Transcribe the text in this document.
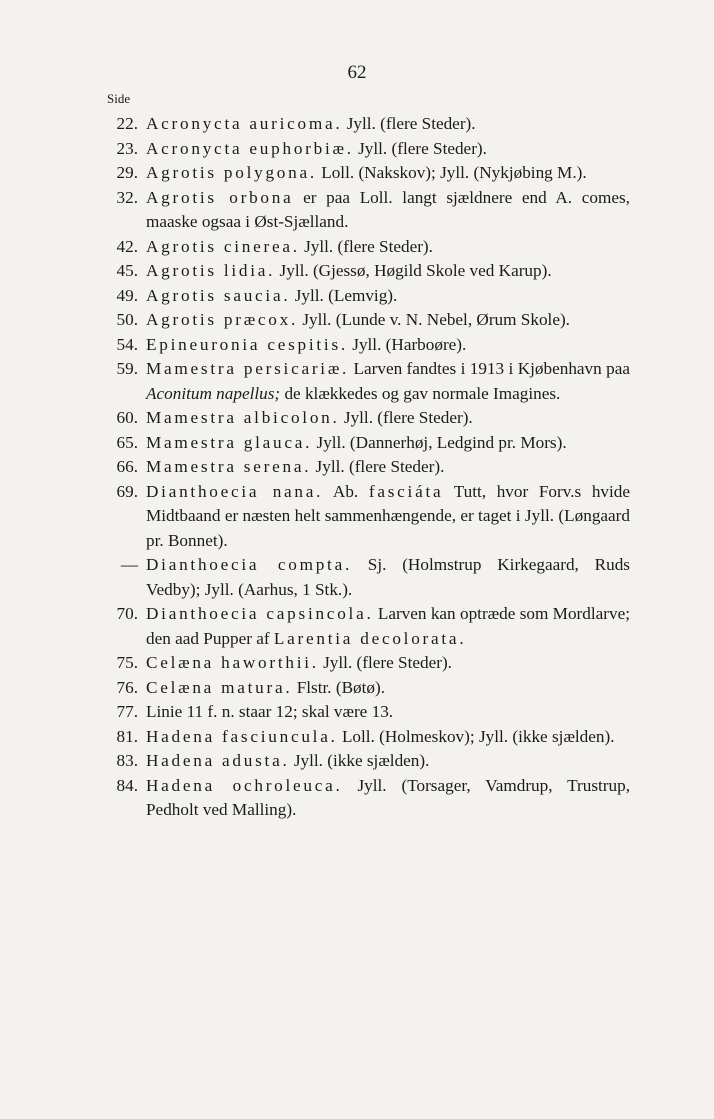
62
Side
22. Acronycta auricoma. Jyll. (flere Steder).
23. Acronycta euphorbiæ. Jyll. (flere Steder).
29. Agrotis polygona. Loll. (Nakskov); Jyll. (Nykjøbing M.).
32. Agrotis orbona er paa Loll. langt sjældnere end A. comes, maaske ogsaa i Øst-Sjælland.
42. Agrotis cinerea. Jyll. (flere Steder).
45. Agrotis lidia. Jyll. (Gjessø, Høgild Skole ved Karup).
49. Agrotis saucia. Jyll. (Lemvig).
50. Agrotis præcox. Jyll. (Lunde v. N. Nebel, Ørum Skole).
54. Epineuronia cespitis. Jyll. (Harboøre).
59. Mamestra persicariæ. Larven fandtes i 1913 i Kjøbenhavn paa Aconitum napellus; de klækkedes og gav normale Imagines.
60. Mamestra albicolon. Jyll. (flere Steder).
65. Mamestra glauca. Jyll. (Dannerhøj, Ledgind pr. Mors).
66. Mamestra serena. Jyll. (flere Steder).
69. Dianthoecia nana. Ab. fasciáta Tutt, hvor Forv.s hvide Midtbaand er næsten helt sammenhængende, er taget i Jyll. (Løngaard pr. Bonnet).
— Dianthoecia compta. Sj. (Holmstrup Kirkegaard, Ruds Vedby); Jyll. (Aarhus, 1 Stk.).
70. Dianthoecia capsincola. Larven kan optræde som Mordlarve; den aad Pupper af Larentia decolorata.
75. Celæna haworthii. Jyll. (flere Steder).
76. Celæna matura. Flstr. (Bøtø).
77. Linie 11 f. n. staar 12; skal være 13.
81. Hadena fasciuncula. Loll. (Holmeskov); Jyll. (ikke sjælden).
83. Hadena adusta. Jyll. (ikke sjælden).
84. Hadena ochroleuca. Jyll. (Torsager, Vamdrup, Trustrup, Pedholt ved Malling).
